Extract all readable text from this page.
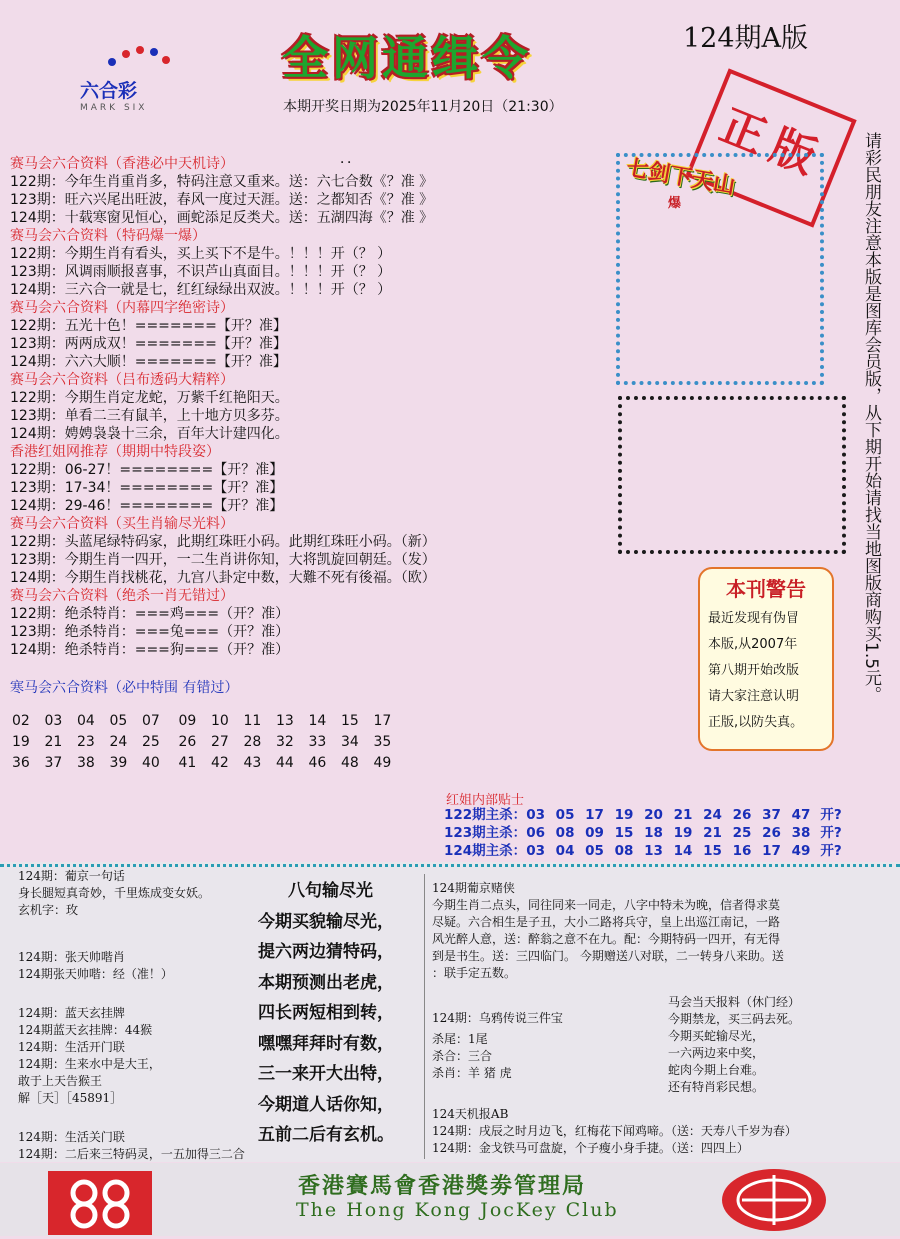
六合彩
MARK SIX
全网通缉令	124期A版
本期开奖日期为2025年11月20日（21:30）
．．	正版
赛马会六合资料（香港必中天机诗）
122期：今年生肖重肖多，特码注意又重来。送：六七合数《？准 》
123期：旺六兴尾出旺波，春风一度过天涯。送：之都知否《？准 》
124期：十载寒窗见恒心，画蛇添足反类犬。送：五湖四海《？准 》
赛马会六合资料（特码爆一爆）
122期：今期生肖有看头，买上买下不是牛。！！！开（？ ）
123期：风调雨顺报喜事，不识芦山真面目。！！！开（？ ）
124期：三六合一就是七，红红绿绿出双波。！！！开（？ ）
赛马会六合资料（内幕四字绝密诗）
122期：五光十色！=======【开？准】
123期：两两成双！=======【开？准】
124期：六六大顺！=======【开？准】
赛马会六合资料（吕布透码大精粹）
122期：今期生肖定龙蛇，万紫千红艳阳天。
123期：单看二三有鼠羊，上十地方贝多芬。
124期：娉娉袅袅十三余，百年大计建四化。
香港红姐网推荐（期期中特段姿）
122期：06-27！========【开？准】
123期：17-34！========【开？准】
124期：29-46！========【开？准】
赛马会六合资料（买生肖输尽光料）
122期：头蓝尾绿特码家，此期红珠旺小码。此期红珠旺小码。（新）
123期：今期生肖一四开，一二生肖讲你知，大将凯旋回朝廷。（发）
124期：今期生肖找桃花，九宫八卦定中数，大難不死有後福。（欧）
赛马会六合资料（绝杀一肖无错过）
122期：绝杀特肖：===鸡===（开？准）
123期：绝杀特肖：===兔===（开？准）
124期：绝杀特肖：===狗===（开？准）
寒马会六合资料（必中特围 有错过）
02 03 04 05 07 09 10 11 13 14 15 17
19 21 23 24 25 26 27 28 32 33 34 35
36 37 38 39 40 41 42 43 44 46 48 49
七剑下天山
爆	请彩民朋友注意本版是图库会员版，从下期开始请找当地图版商购买1.5元。
本刊警告
最近发现有伪冒
本版,从2007年
第八期开始改版
请大家注意认明
正版,以防失真。
红姐内部贴士
122期主杀：03 05 17 19 20 21 24 26 37 47 开?
123期主杀：06 08 09 15 18 19 21 25 26 38 开?
124期主杀：03 04 05 08 13 14 15 16 17 49 开?
124期：葡京一句话
身长腿短真奇妙，千里炼成变女妖。
玄机字：玫
124期：张天帅喈肖
124期张天帅喈：经（准！）
124期：蓝天玄挂牌
124期蓝天玄挂牌：44猴
124期：生活开门联
124期：生来水中是大王，
敢于上天告猴王
解［天］［45891］
124期：生活关门联
124期：二后来三特码灵，一五加得三二合
八句输尽光
今期买貌输尽光，
提六两边猜特码，
本期预测出老虎，
四长两短相到转，
嘿嘿拜拜时有数，
三一来开大出特，
今期道人话你知，
五前二后有玄机。
124期葡京赌侠
今期生肖二点头，同往同来一同走，八字中特未为晚，信者得求莫
尽疑。六合相生是子丑，大小二路将兵守，皇上出巡江南记，一路
风光醉人意，送：醉翁之意不在九。配：今期特码一四开，有无得
到是书生。送：三四临门。 今期赠送八对联，二一转身八来助。送
：联手定五数。
124期：乌鸦传说三件宝
杀尾：1尾
杀合：三合
杀肖：羊 猪 虎
马会当天报料（休门经）
今期禁龙，买三码去死。
今期买蛇输尽光，
一六两边来中奖，
蛇肉今期上台难。
还有特肖彩民想。
124天机报AB
124期：戌辰之时月边飞，红梅花下闻鸡啼。（送：天寿八千岁为春）
124期：金戈铁马可盘旋，个子瘦小身手捷。（送：四四上）
香港賽馬會香港獎劵管理局
The Hong Kong JocKey Club
